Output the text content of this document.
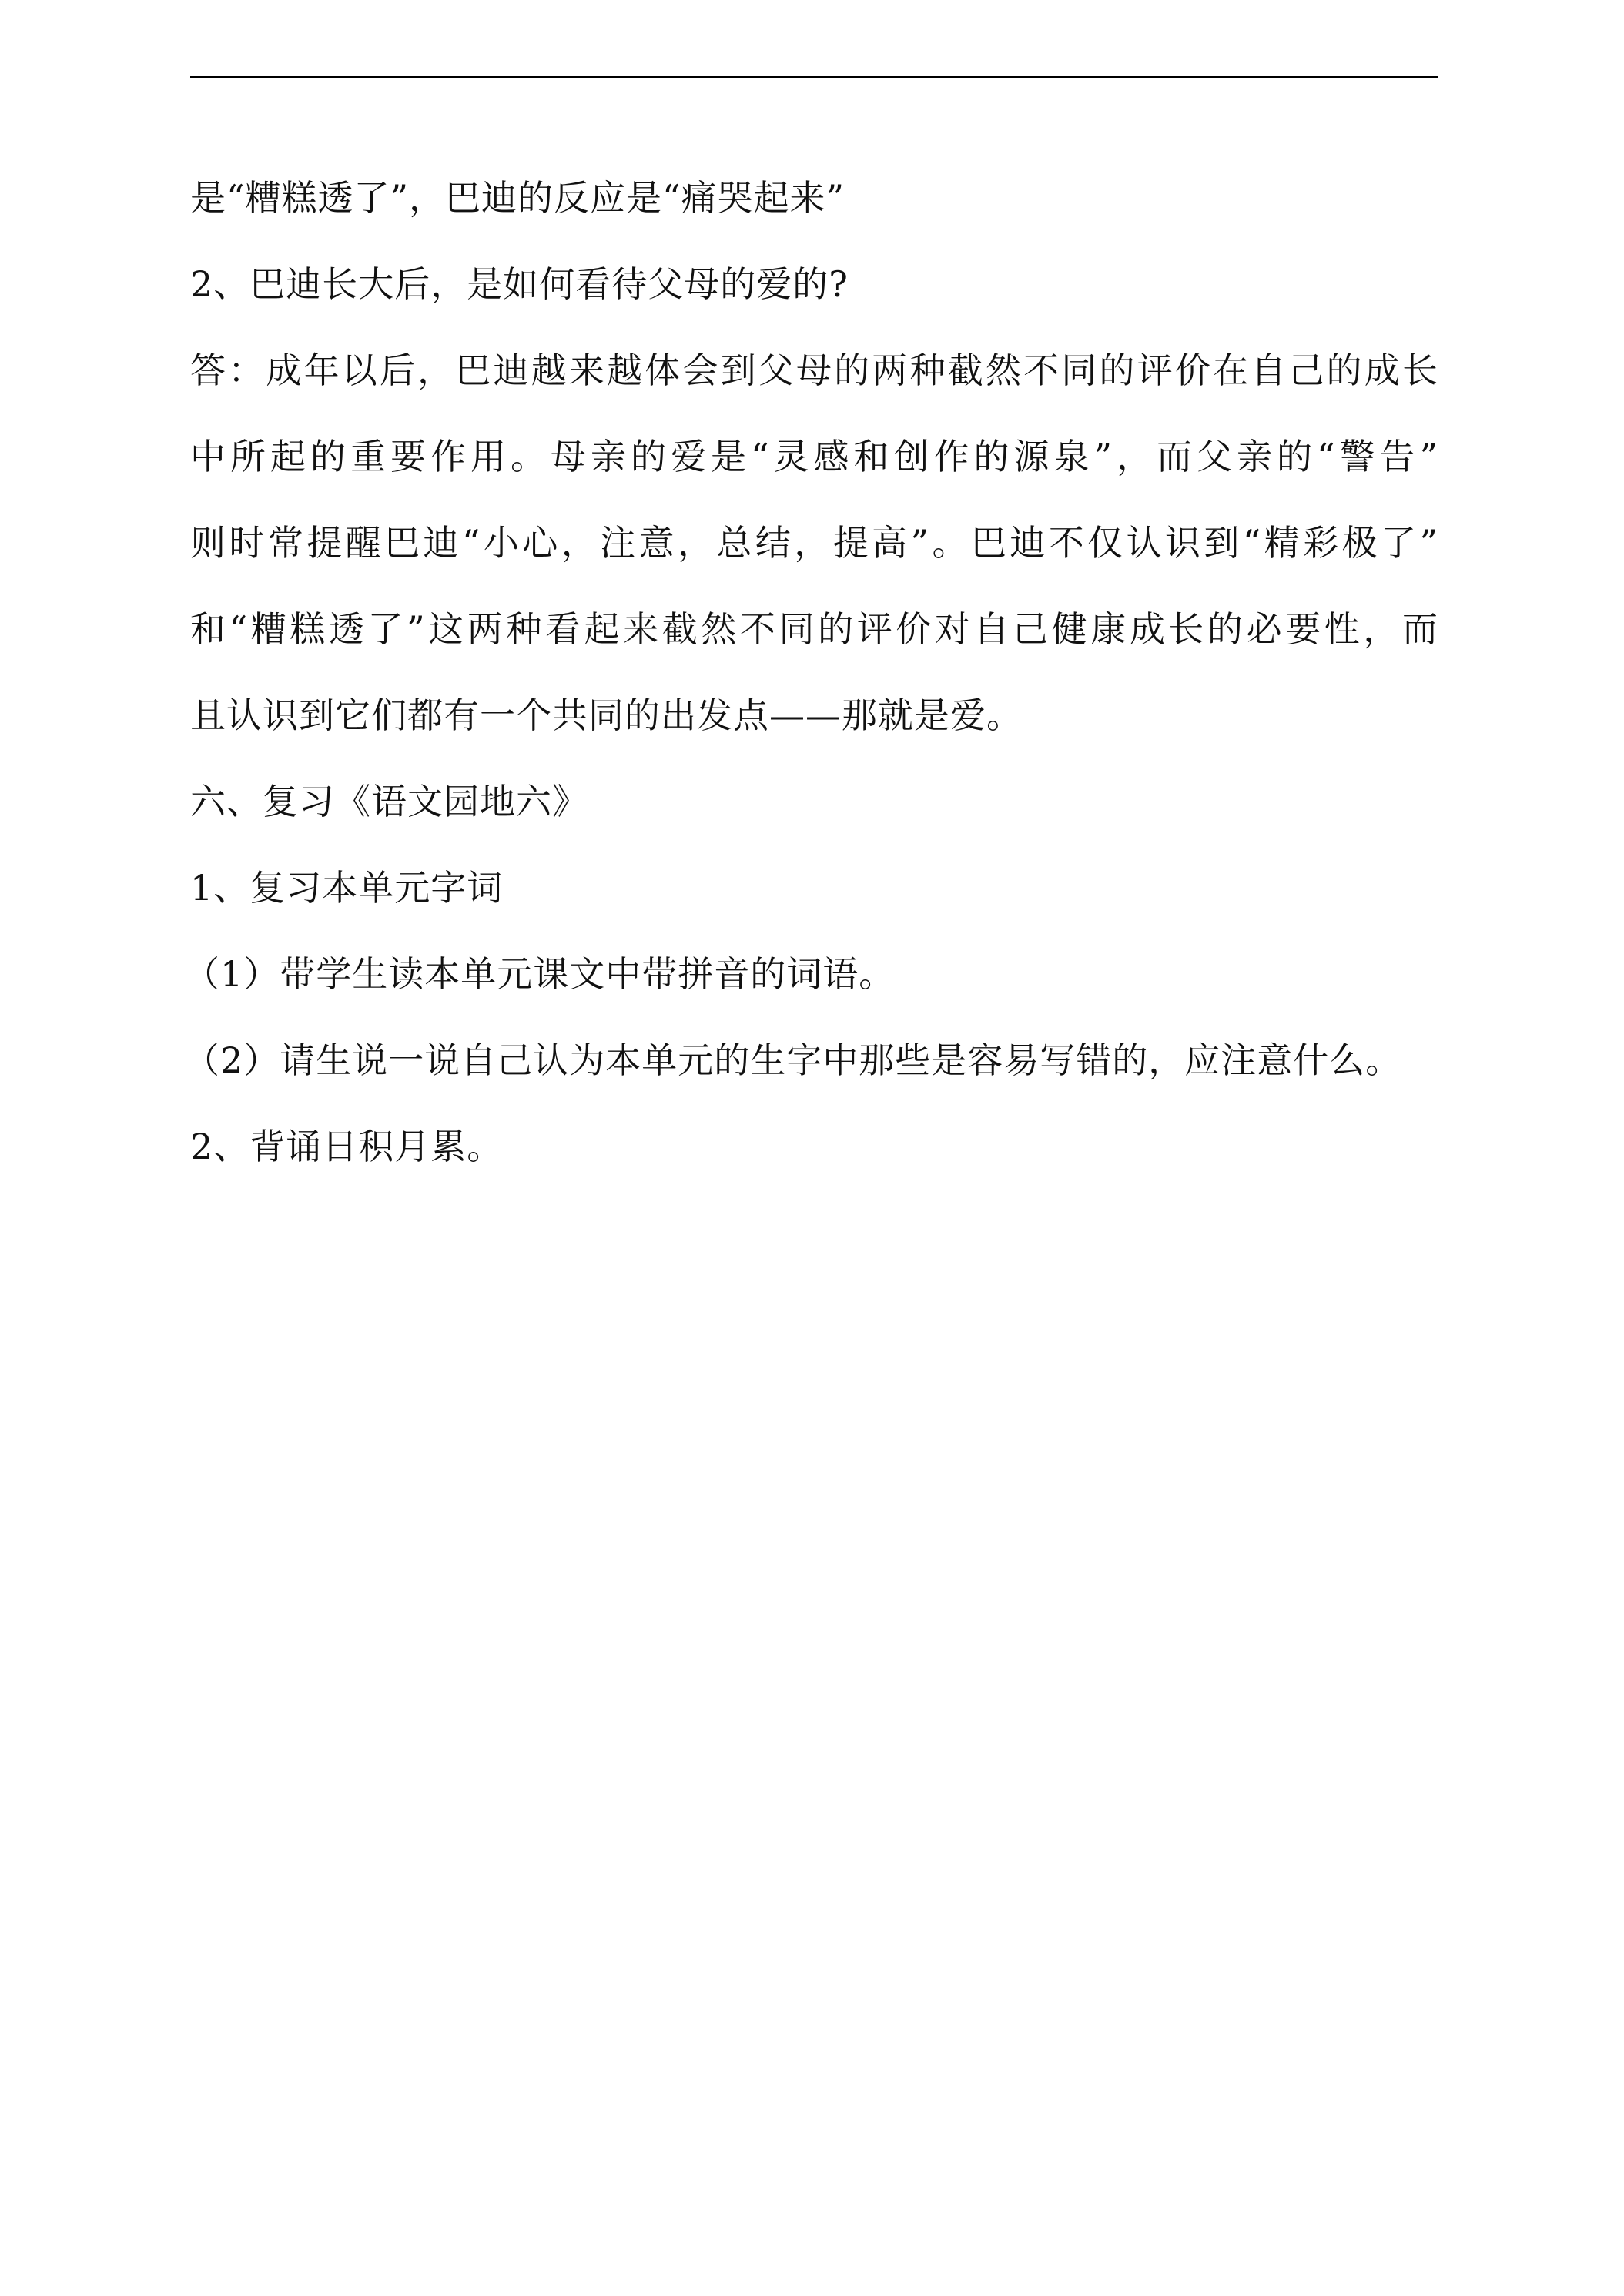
是“糟糕透了”，巴迪的反应是“痛哭起来”
2、巴迪长大后，是如何看待父母的爱的?
答：成年以后，巴迪越来越体会到父母的两种截然不同的评价在自己的成长
中所起的重要作用。母亲的爱是“灵感和创作的源泉”，而父亲的“警告”
则时常提醒巴迪“小心，注意，总结，提高”。巴迪不仅认识到“精彩极了”
和“糟糕透了”这两种看起来截然不同的评价对自己健康成长的必要性，而
且认识到它们都有一个共同的出发点——那就是爱。
六、复习《语文园地六》
1、复习本单元字词
（1）带学生读本单元课文中带拼音的词语。
（2）请生说一说自己认为本单元的生字中那些是容易写错的，应注意什么。
2、背诵日积月累。
